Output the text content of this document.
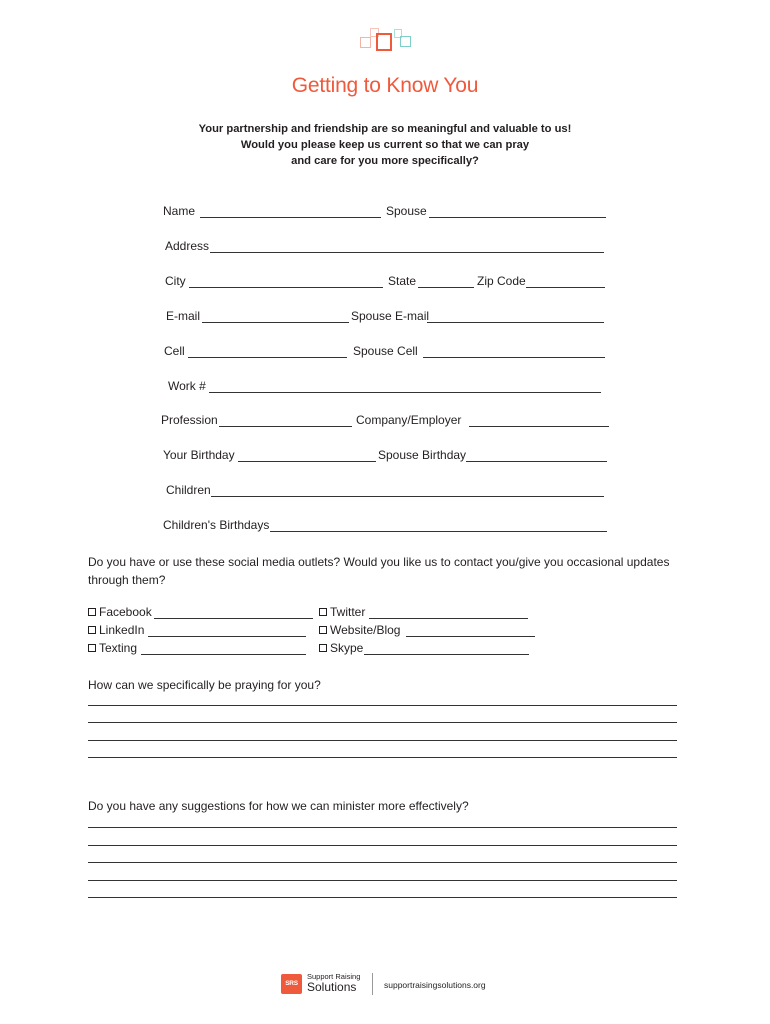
Getting to Know You
Your partnership and friendship are so meaningful and valuable to us!
Would you please keep us current so that we can pray
and care for you more specifically?
Name	Spouse
Address
City	State	Zip Code
E-mail	Spouse E-mail
Cell	Spouse Cell
Work #
Profession	Company/Employer
Your Birthday	Spouse Birthday
Children
Children's Birthdays
Do you have or use these social media outlets? Would you like us to contact you/give you occasional updates through them?
Facebook	Twitter
LinkedIn	Website/Blog
Texting	Skype
How can we specifically be praying for you?
Do you have any suggestions for how we can minister more effectively?
SRS
Support Raising
Solutions	supportraisingsolutions.org
